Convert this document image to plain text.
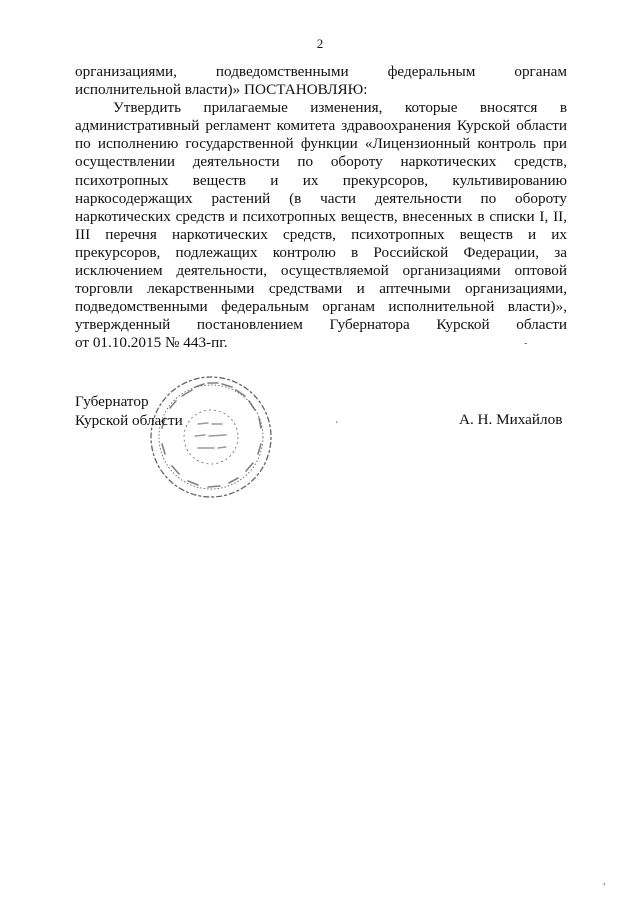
2
организациями, подведомственными федеральным органам
исполнительной власти)» ПОСТАНОВЛЯЮ:
Утвердить прилагаемые изменения, которые вносятся в
административный регламент комитета здравоохранения Курской области
по исполнению государственной функции «Лицензионный контроль при
осуществлении деятельности по обороту наркотических средств,
психотропных веществ и их прекурсоров, культивированию
наркосодержащих растений (в части деятельности по обороту
наркотических средств и психотропных веществ, внесенных в списки I, II,
III перечня наркотических средств, психотропных веществ и их
прекурсоров, подлежащих контролю в Российской Федерации, за
исключением деятельности, осуществляемой организациями оптовой
торговли лекарственными средствами и аптечными организациями,
подведомственными федеральным органам исполнительной власти)»,
утвержденный постановлением Губернатора Курской области
от 01.10.2015 № 443-пг.
Губернатор
Курской области	А. Н. Михайлов
-
'
,
